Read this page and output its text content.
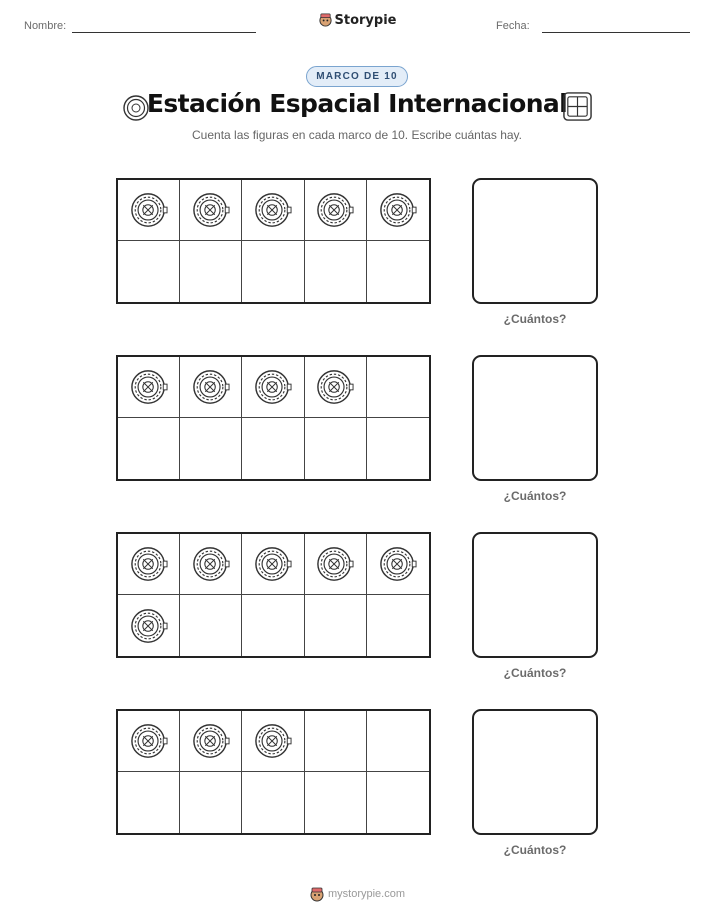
Nombre:	Storypie	Fecha:
MARCO DE 10
Estación Espacial Internacional
Cuenta las figuras en cada marco de 10. Escribe cuántas hay.
¿Cuántos?
¿Cuántos?
¿Cuántos?
¿Cuántos?
mystorypie.com
